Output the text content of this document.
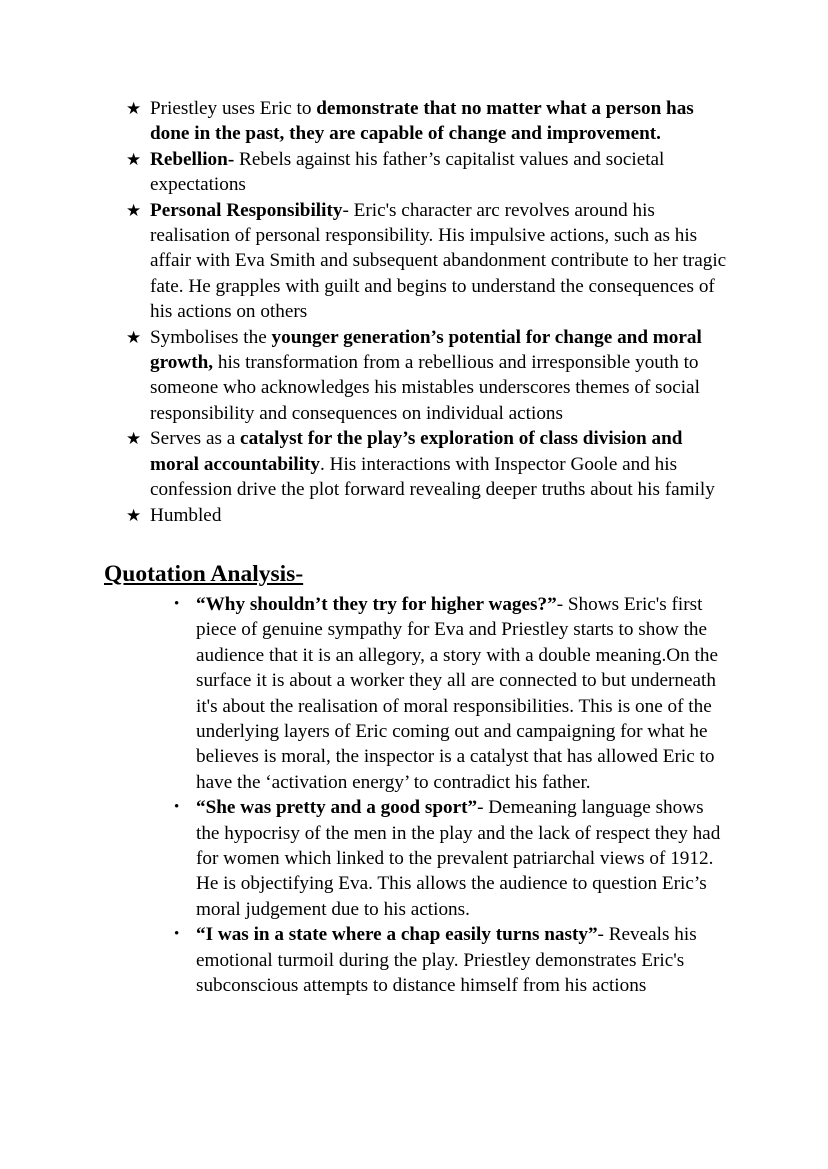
★ Priestley uses Eric to demonstrate that no matter what a person has done in the past, they are capable of change and improvement.
★ Rebellion- Rebels against his father’s capitalist values and societal expectations
★ Personal Responsibility- Eric's character arc revolves around his realisation of personal responsibility. His impulsive actions, such as his affair with Eva Smith and subsequent abandonment contribute to her tragic fate. He grapples with guilt and begins to understand the consequences of his actions on others
★ Symbolises the younger generation’s potential for change and moral growth, his transformation from a rebellious and irresponsible youth to someone who acknowledges his mistables underscores themes of social responsibility and consequences on individual actions
★ Serves as a catalyst for the play’s exploration of class division and moral accountability. His interactions with Inspector Goole and his confession drive the plot forward revealing deeper truths about his family
★ Humbled
Quotation Analysis-
• “Why shouldn’t they try for higher wages?”- Shows Eric's first piece of genuine sympathy for Eva and Priestley starts to show the audience that it is an allegory, a story with a double meaning.On the surface it is about a worker they all are connected to but underneath it's about the realisation of moral responsibilities. This is one of the underlying layers of Eric coming out and campaigning for what he believes is moral, the inspector is a catalyst that has allowed Eric to have the ‘activation energy’ to contradict his father.
• “She was pretty and a good sport”- Demeaning language shows the hypocrisy of the men in the play and the lack of respect they had for women which linked to the prevalent patriarchal views of 1912. He is objectifying Eva. This allows the audience to question Eric’s moral judgement due to his actions.
• “I was in a state where a chap easily turns nasty”- Reveals his emotional turmoil during the play. Priestley demonstrates Eric's subconscious attempts to distance himself from his actions
